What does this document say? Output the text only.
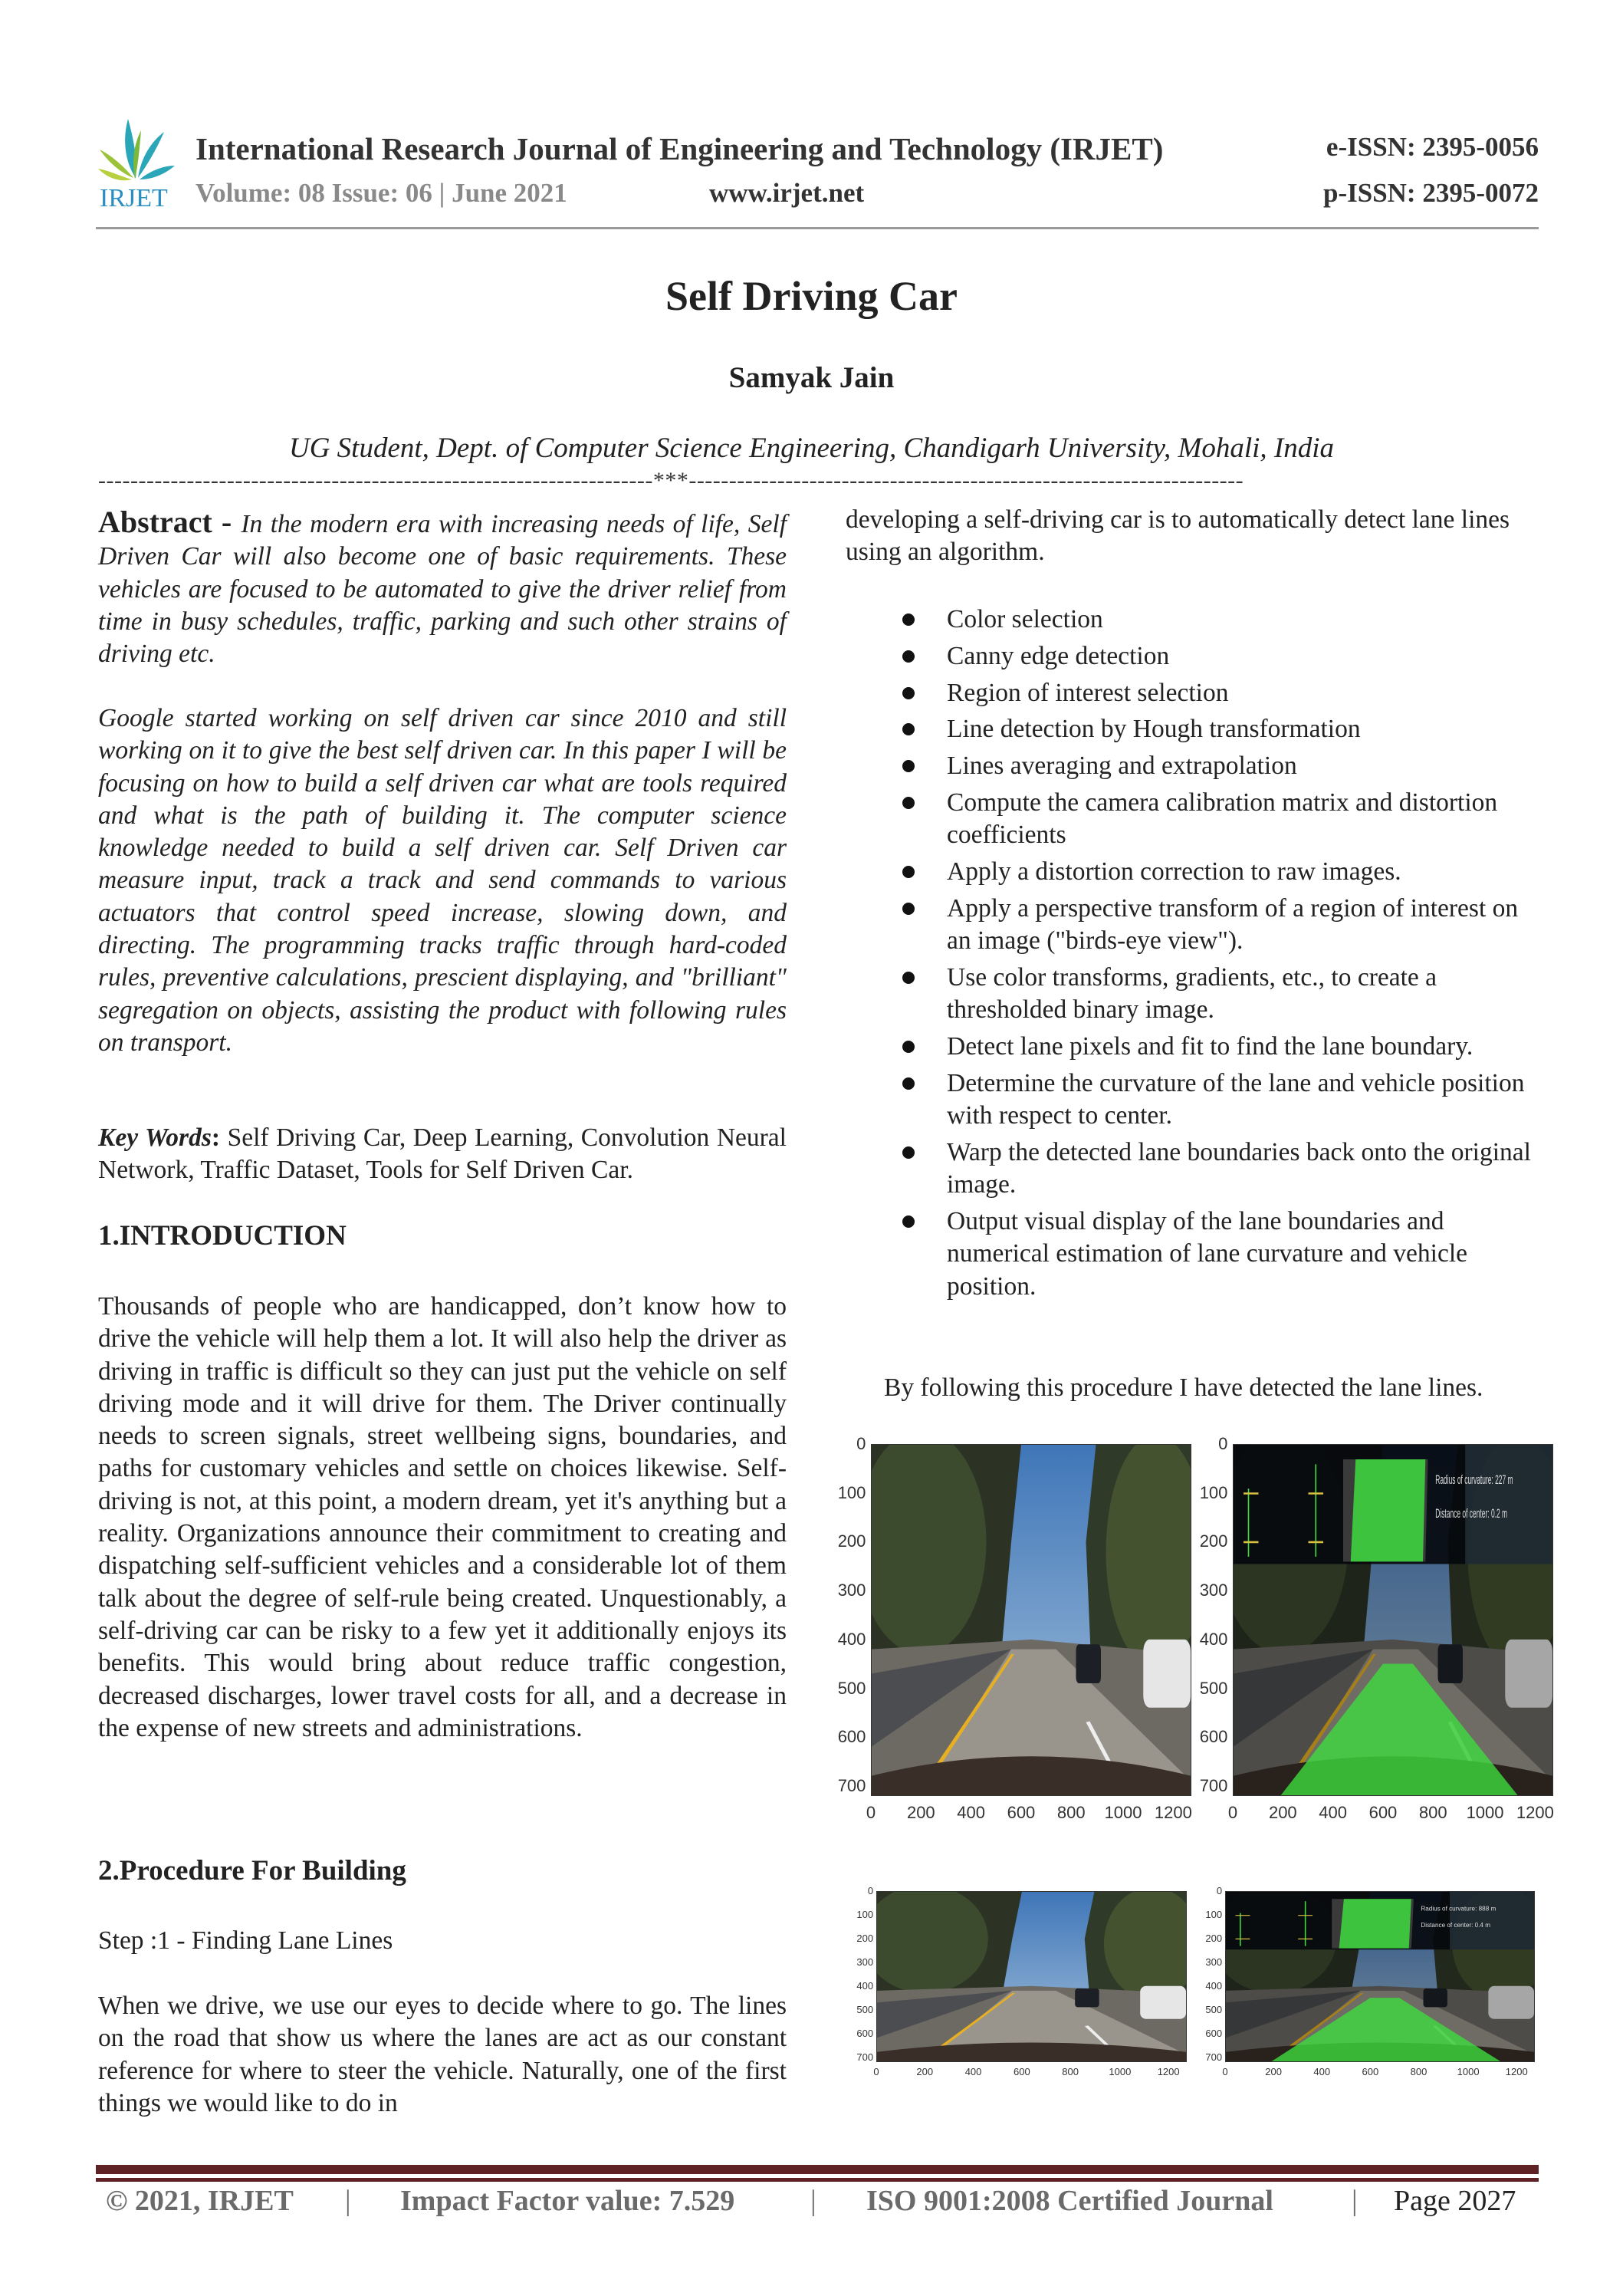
IRJET
International Research Journal of Engineering and Technology (IRJET)	e-ISSN: 2395-0056
Volume: 08 Issue: 06 | June 2021	www.irjet.net	p-ISSN: 2395-0072
Self Driving Car
Samyak Jain
UG Student, Dept. of Computer Science Engineering, Chandigarh University, Mohali, India
---------------------------------------------------------------------***---------------------------------------------------------------------
Abstract - In the modern era with increasing needs of life, Self Driven Car will also become one of basic requirements. These vehicles are focused to be automated to give the driver relief from time in busy schedules, traffic, parking and such other strains of driving etc.
Google started working on self driven car since 2010 and still working on it to give the best self driven car. In this paper I will be focusing on how to build a self driven car what are tools required and what is the path of building it. The computer science knowledge needed to build a self driven car. Self Driven car measure input, track a track and send commands to various actuators that control speed increase, slowing down, and directing. The programming tracks traffic through hard-coded rules, preventive calculations, prescient displaying, and "brilliant" segregation on objects, assisting the product with following rules on transport.
Key Words: Self Driving Car, Deep Learning, Convolution Neural Network, Traffic Dataset, Tools for Self Driven Car.
1.INTRODUCTION
Thousands of people who are handicapped, don’t know how to drive the vehicle will help them a lot. It will also help the driver as driving in traffic is difficult so they can just put the vehicle on self driving mode and it will drive for them. The Driver continually needs to screen signals, street wellbeing signs, boundaries, and paths for customary vehicles and settle on choices likewise. Self-driving is not, at this point, a modern dream, yet it's anything but a reality. Organizations announce their commitment to creating and dispatching self-sufficient vehicles and a considerable lot of them talk about the degree of self-rule being created. Unquestionably, a self-driving car can be risky to a few yet it additionally enjoys its benefits. This would bring about reduce traffic congestion, decreased discharges, lower travel costs for all, and a decrease in the expense of new streets and administrations.
2.Procedure For Building
Step :1 - Finding Lane Lines
When we drive, we use our eyes to decide where to go. The lines on the road that show us where the lanes are act as our constant reference for where to steer the vehicle. Naturally, one of the first things we would like to do in
developing a self-driving car is to automatically detect lane lines using an algorithm.
Color selection
Canny edge detection
Region of interest selection
Line detection by Hough transformation
Lines averaging and extrapolation
Compute the camera calibration matrix and distortion coefficients
Apply a distortion correction to raw images.
Apply a perspective transform of a region of interest on an image ("birds-eye view").
Use color transforms, gradients, etc., to create a thresholded binary image.
Detect lane pixels and fit to find the lane boundary.
Determine the curvature of the lane and vehicle position with respect to center.
Warp the detected lane boundaries back onto the original image.
Output visual display of the lane boundaries and numerical estimation of lane curvature and vehicle position.
By following this procedure I have detected the lane lines.
0	200 400 600 800 1000 1200
0
100
200
300
400
500
600
700
Radius of curvature: 227 m
Distance of center: 0.2 m
0	200 400 600 800 1000 1200
0
100
200
300
400
500
600
700
0	200	400	600	800	1000	1200
0
100
200
300
400
500
600
700
Radius of curvature: 888 m
Distance of center: 0.4 m
0	200	400	600	800	1000	1200
0
100
200
300
400
500
600
700
© 2021, IRJET | Impact Factor value: 7.529	| ISO 9001:2008 Certified Journal	| Page 2027
